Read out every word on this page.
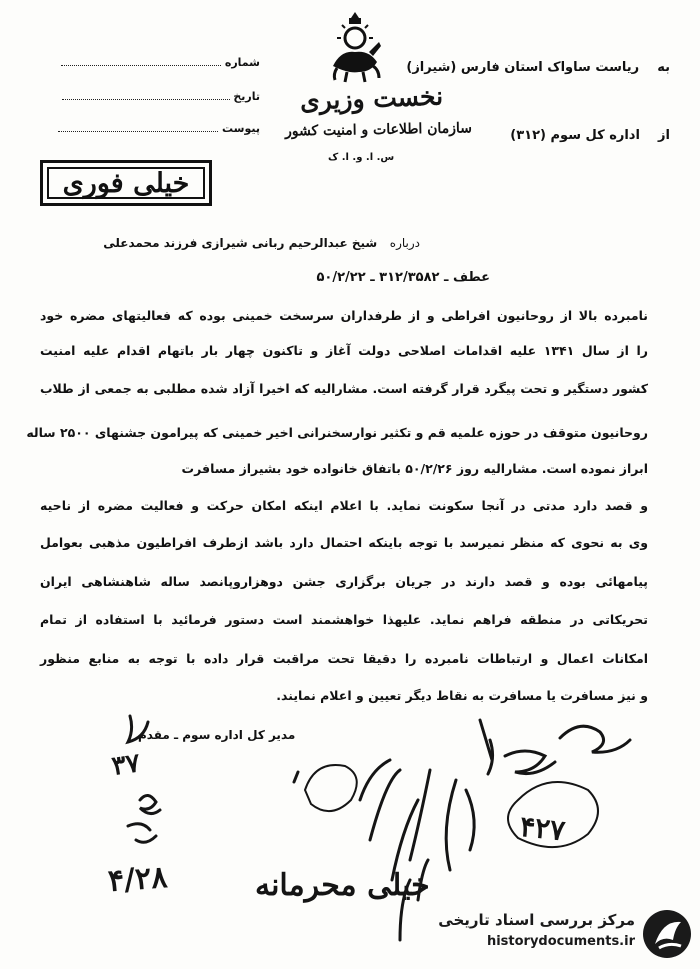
نخست وزیری
سازمان اطلاعات و امنیت کشور
س. ا. و. ا. ک
شماره
تاریخ
پیوست
به    ریاست ساواک استان فارس (شیراز)
از    اداره کل سوم (۳۱۲)
خیلی فوری
درباره   شیخ عبدالرحیم ربانی شیرازی فرزند محمدعلی
عطف ـ ۳۱۲/۳۵۸۲ ـ ۵۰/۲/۲۲
نامبرده بالا از روحانیون افراطی و از طرفداران سرسخت خمینی بوده که فعالیتهای مضره خود
را از سال ۱۳۴۱ علیه اقدامات اصلاحی دولت آغاز و تاکنون چهار بار باتهام اقدام علیه امنیت
کشور دستگیر و تحت پیگرد قرار گرفته است. مشارالیه که اخیرا آزاد شده مطلبی به جمعی از طلاب
روحانیون متوقف در حوزه علمیه قم و تکثیر نوارسخنرانی اخیر خمینی که پیرامون جشنهای ۲۵۰۰ ساله
ابراز نموده است. مشارالیه روز ۵۰/۲/۲۶ باتفاق خانواده خود بشیراز مسافرت
و قصد دارد مدتی در آنجا سکونت نماید. با اعلام اینکه امکان حرکت و فعالیت مضره از ناحیه
وی به نحوی که منظر نمیرسد با توجه باینکه احتمال دارد باشد ازطرف افراطیون مذهبی بعوامل
پیامهائی بوده و قصد دارند در جریان برگزاری جشن دوهزاروپانصد ساله شاهنشاهی ایران
تحریکاتی در منطقه فراهم نماید. علیهذا خواهشمند است دستور فرمائید با استفاده از تمام
امکانات اعمال و ارتباطات نامبرده را دقیقا تحت مراقبت قرار داده با توجه به منابع منظور
و نیز مسافرت یا مسافرت به نقاط دیگر تعیین و اعلام نمایند.
مدیر کل اداره سوم ـ مقدم
۳۷
۴/۲۸	خیلی محرمانه
۴۲۷
مرکز بررسی اسناد تاریخی
historydocuments.ir
